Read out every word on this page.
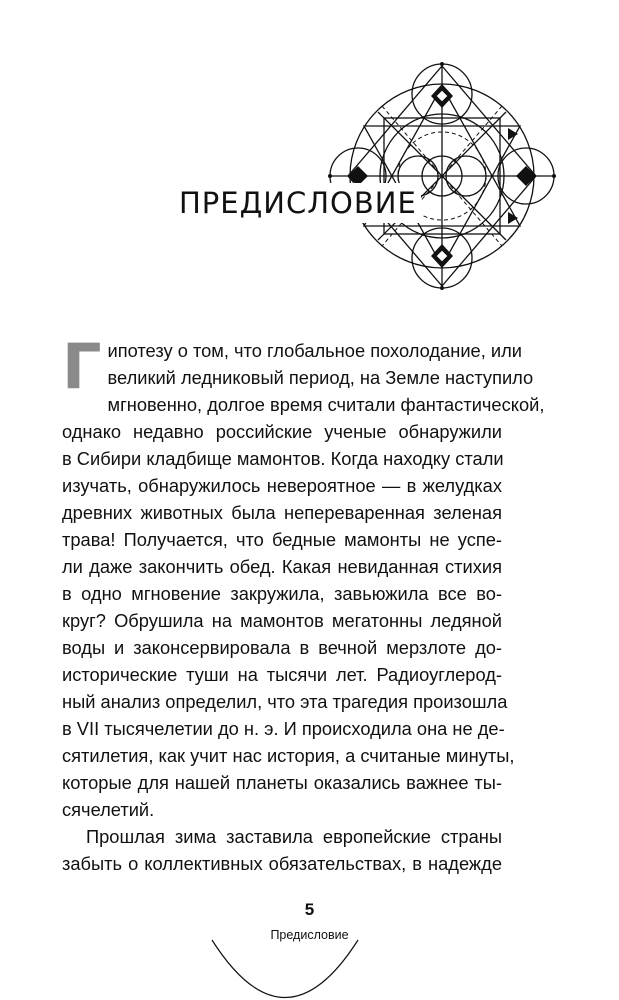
ПРЕДИСЛОВИЕ
Г ипотезу о том, что глобальное похолодание, или
великий ледниковый период, на Земле наступило
мгновенно, долгое время считали фантастической,
однако недавно российские ученые обнаружили
в Сибири кладбище мамонтов. Когда находку стали
изучать, обнаружилось невероятное — в желудках
древних животных была непереваренная зеленая
трава! Получается, что бедные мамонты не успе-
ли даже закончить обед. Какая невиданная стихия
в одно мгновение закружила, завьюжила все во-
круг? Обрушила на мамонтов мегатонны ледяной
воды и законсервировала в вечной мерзлоте до-
исторические туши на тысячи лет. Радиоуглерод-
ный анализ определил, что эта трагедия произошла
в VII тысячелетии до н. э. И происходила она не де-
сятилетия, как учит нас история, а считаные минуты,
которые для нашей планеты оказались важнее ты-
сячелетий.
Прошлая зима заставила европейские страны
забыть о коллективных обязательствах, в надежде
5
Предисловие
